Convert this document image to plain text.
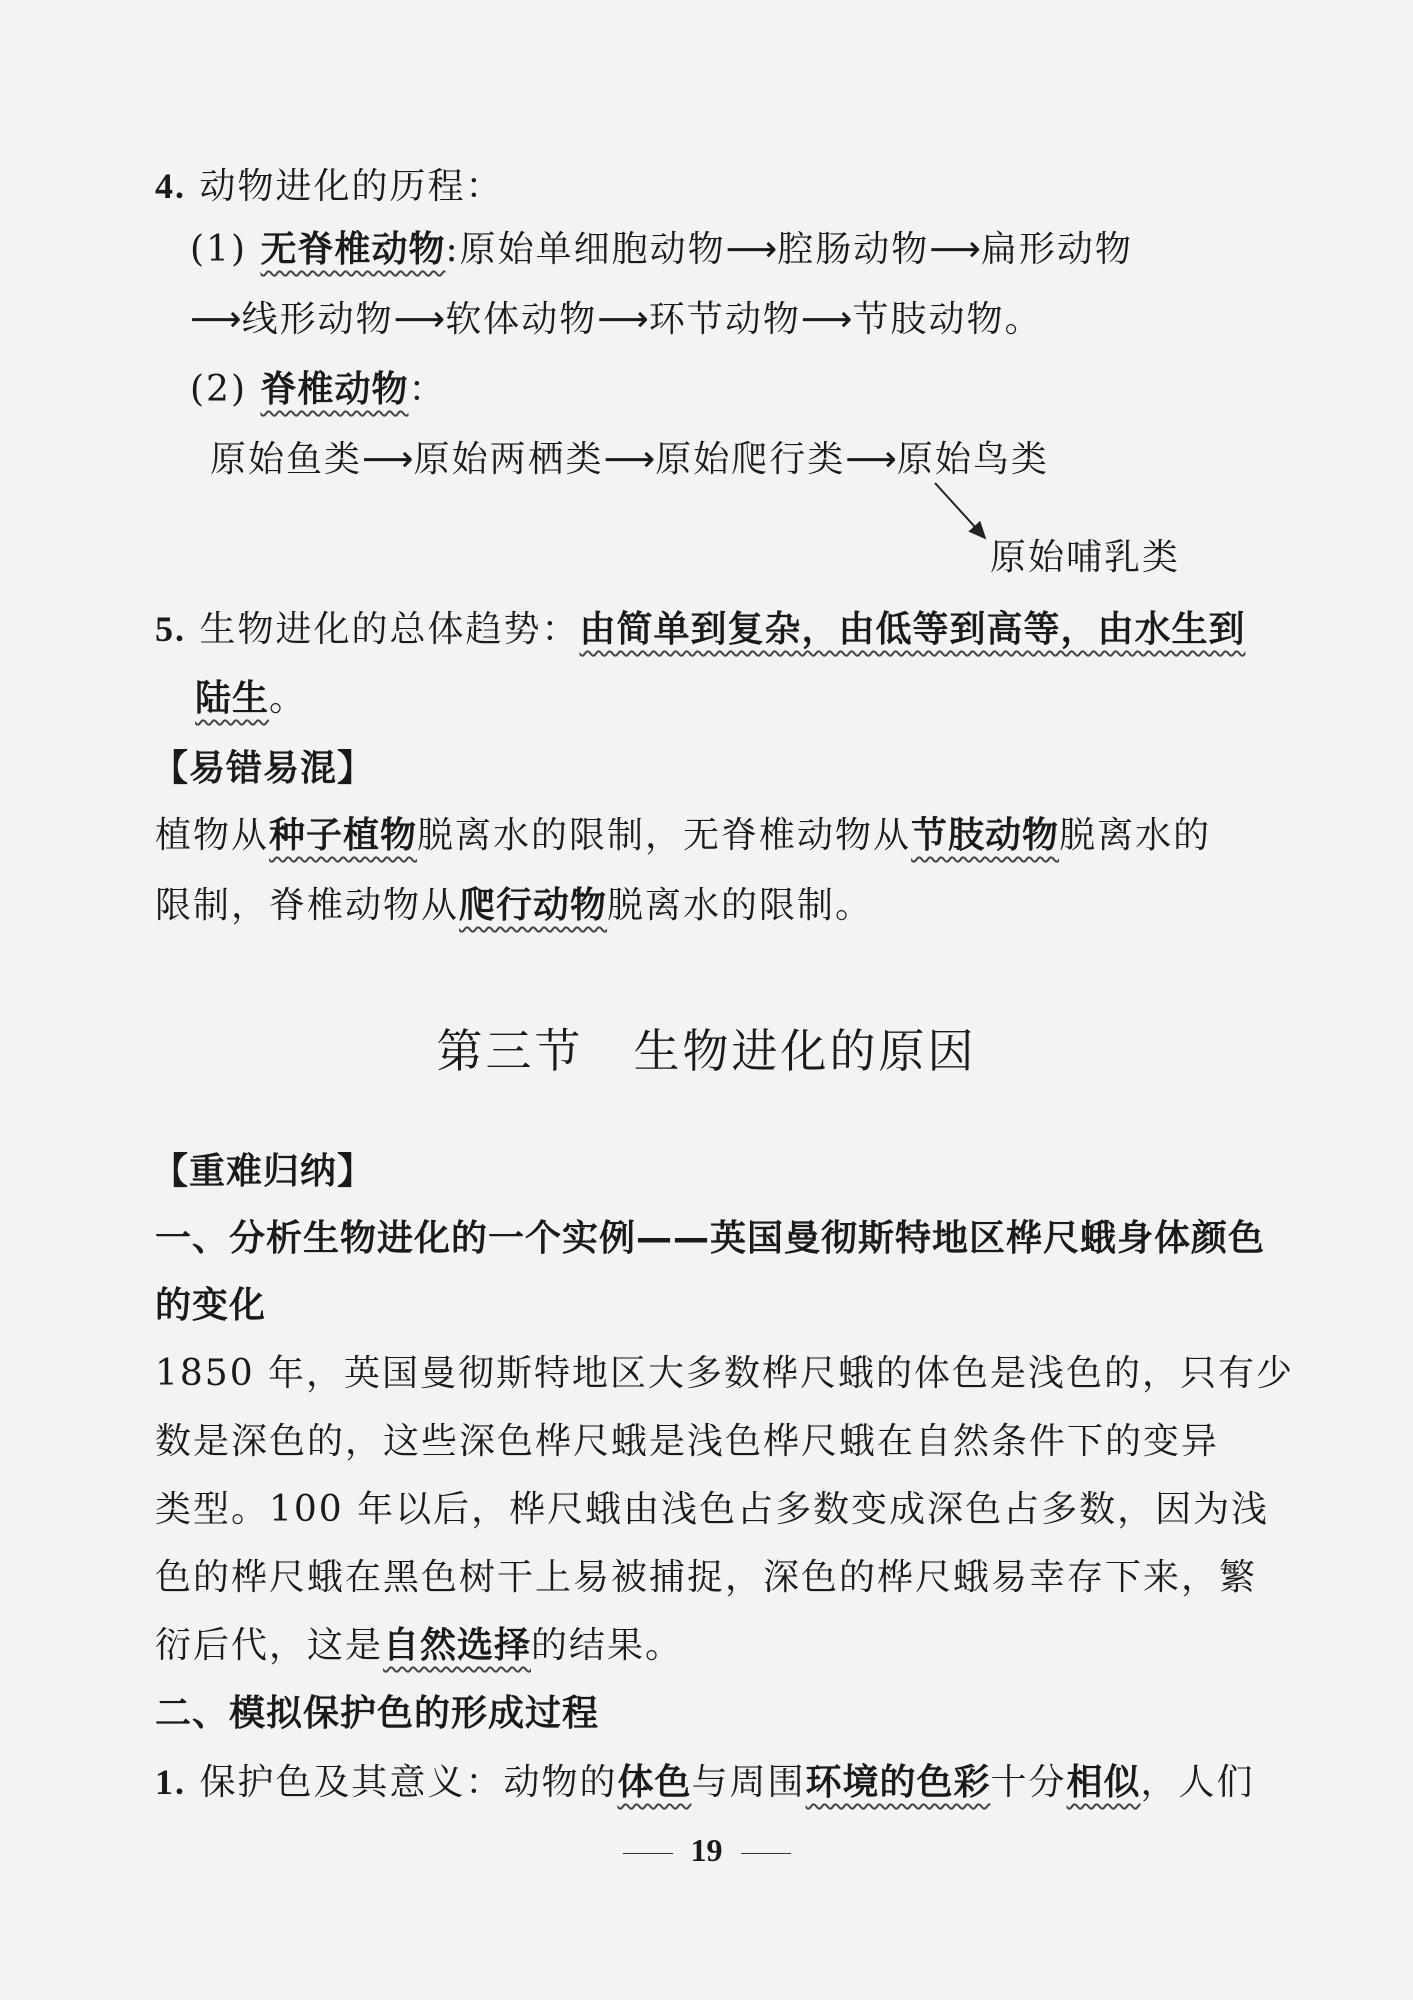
4. 动物进化的历程：
(1) 无脊椎动物:原始单细胞动物⟶腔肠动物⟶扁形动物
⟶线形动物⟶软体动物⟶环节动物⟶节肢动物。
(2) 脊椎动物：
原始鱼类⟶原始两栖类⟶原始爬行类⟶原始鸟类
原始哺乳类
5. 生物进化的总体趋势：由简单到复杂，由低等到高等，由水生到
陆生。
【易错易混】
植物从种子植物脱离水的限制，无脊椎动物从节肢动物脱离水的
限制，脊椎动物从爬行动物脱离水的限制。
第三节 生物进化的原因
【重难归纳】
一、分析生物进化的一个实例——英国曼彻斯特地区桦尺蛾身体颜色
的变化
1850 年，英国曼彻斯特地区大多数桦尺蛾的体色是浅色的，只有少
数是深色的，这些深色桦尺蛾是浅色桦尺蛾在自然条件下的变异
类型。100 年以后，桦尺蛾由浅色占多数变成深色占多数，因为浅
色的桦尺蛾在黑色树干上易被捕捉，深色的桦尺蛾易幸存下来，繁
衍后代，这是自然选择的结果。
二、模拟保护色的形成过程
1. 保护色及其意义：动物的体色与周围环境的色彩十分相似，人们
19
